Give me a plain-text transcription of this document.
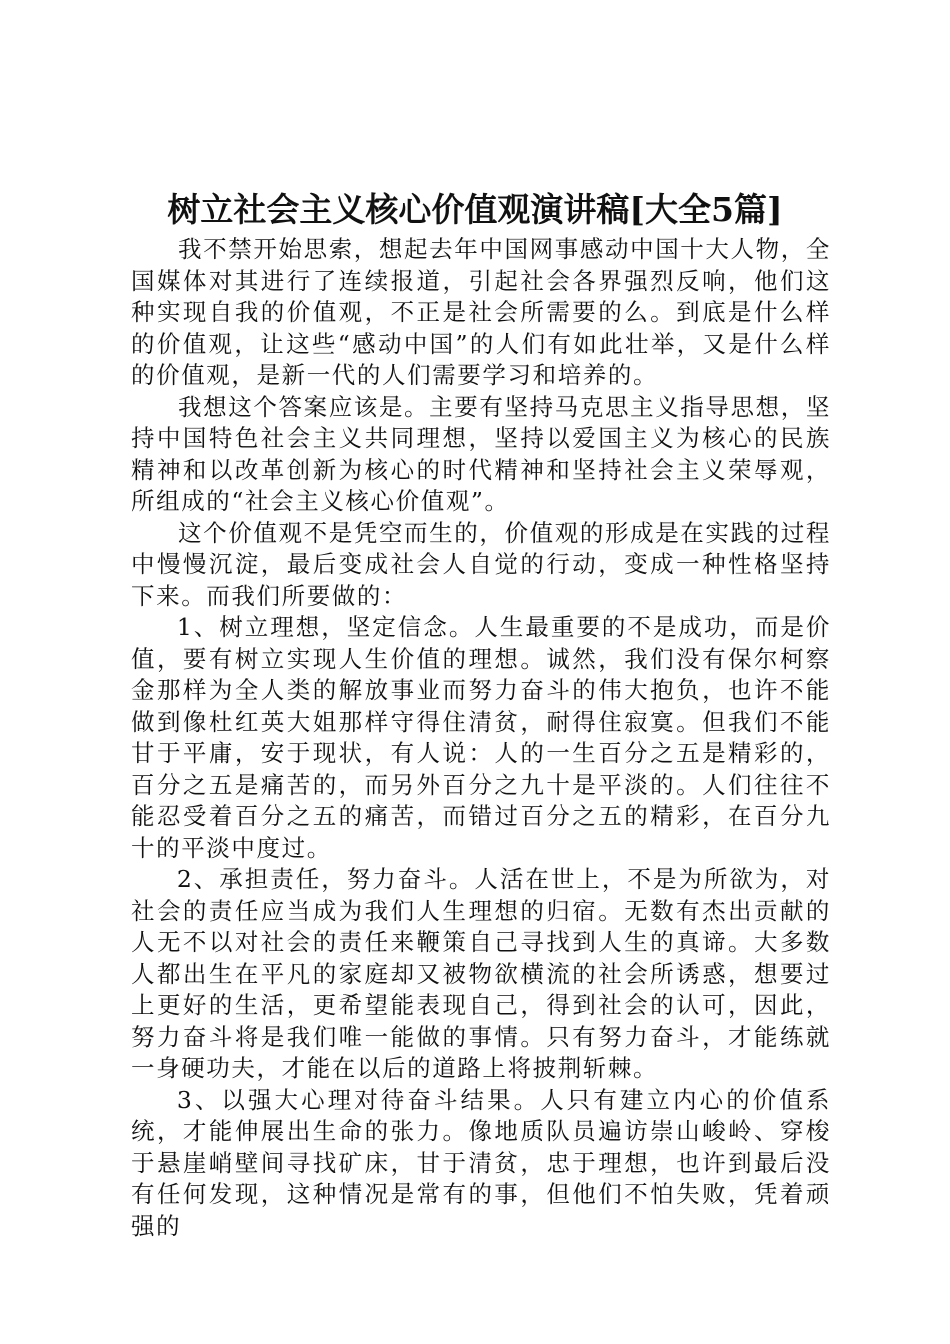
树立社会主义核心价值观演讲稿[大全5篇]

我不禁开始思索，想起去年中国网事感动中国十大人物，全国媒体对其进行了连续报道，引起社会各界强烈反响，他们这种实现自我的价值观，不正是社会所需要的么。到底是什么样的价值观，让这些“感动中国”的人们有如此壮举，又是什么样的价值观，是新一代的人们需要学习和培养的。

我想这个答案应该是。主要有坚持马克思主义指导思想，坚持中国特色社会主义共同理想，坚持以爱国主义为核心的民族精神和以改革创新为核心的时代精神和坚持社会主义荣辱观，所组成的“社会主义核心价值观”。

这个价值观不是凭空而生的，价值观的形成是在实践的过程中慢慢沉淀，最后变成社会人自觉的行动，变成一种性格坚持下来。而我们所要做的：

1、树立理想，坚定信念。人生最重要的不是成功，而是价值，要有树立实现人生价值的理想。诚然，我们没有保尔柯察金那样为全人类的解放事业而努力奋斗的伟大抱负，也许不能做到像杜红英大姐那样守得住清贫，耐得住寂寞。但我们不能甘于平庸，安于现状，有人说：人的一生百分之五是精彩的，百分之五是痛苦的，而另外百分之九十是平淡的。人们往往不能忍受着百分之五的痛苦，而错过百分之五的精彩，在百分九十的平淡中度过。

2、承担责任，努力奋斗。人活在世上，不是为所欲为，对社会的责任应当成为我们人生理想的归宿。无数有杰出贡献的人无不以对社会的责任来鞭策自己寻找到人生的真谛。大多数人都出生在平凡的家庭却又被物欲横流的社会所诱惑，想要过上更好的生活，更希望能表现自己，得到社会的认可，因此，努力奋斗将是我们唯一能做的事情。只有努力奋斗，才能练就一身硬功夫，才能在以后的道路上将披荆斩棘。

3、以强大心理对待奋斗结果。人只有建立内心的价值系统，才能伸展出生命的张力。像地质队员遍访崇山峻岭、穿梭于悬崖峭壁间寻找矿床，甘于清贫，忠于理想，也许到最后没有任何发现，这种情况是常有的事，但他们不怕失败，凭着顽强的
